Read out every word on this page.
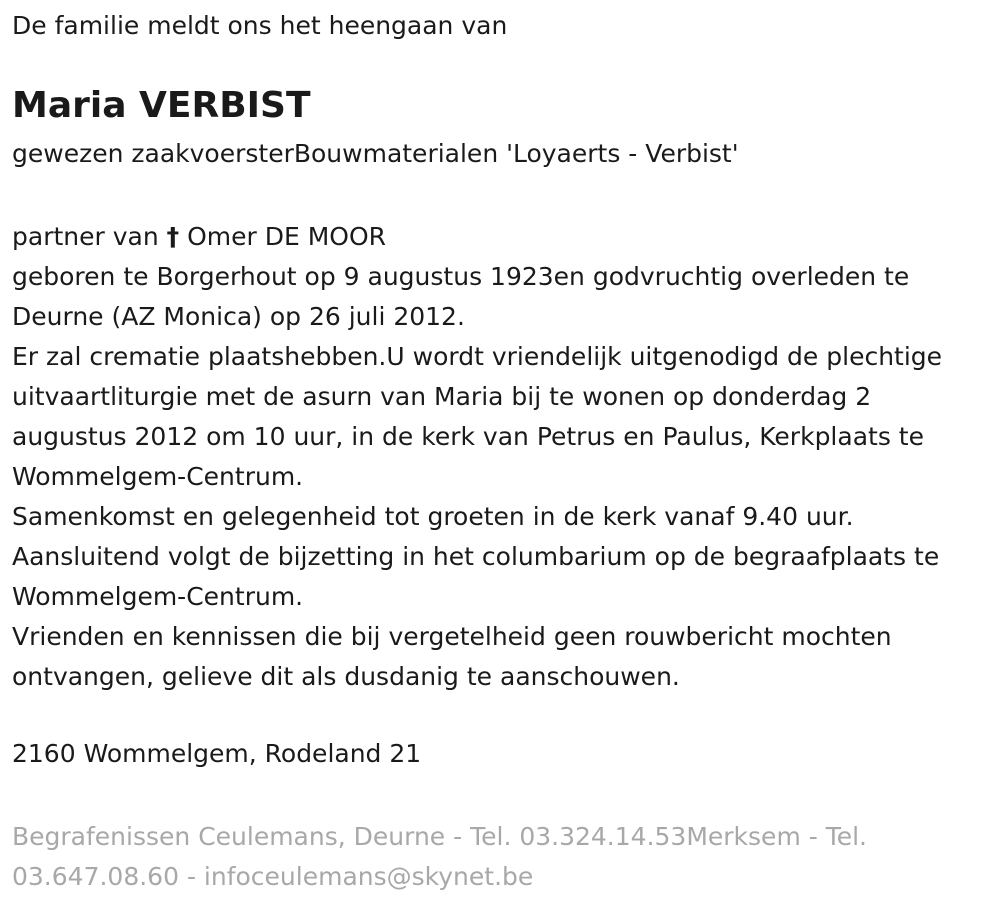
De familie meldt ons het heengaan van
Maria VERBIST
gewezen zaakvoersterBouwmaterialen 'Loyaerts - Verbist'

partner van † Omer DE MOOR

geboren te Borgerhout op 9 augustus 1923en godvruchtig overleden te Deurne (AZ Monica) op 26 juli 2012.

Er zal crematie plaatshebben.U wordt vriendelijk uitgenodigd de plechtige uitvaartliturgie met de asurn van Maria bij te wonen op donderdag 2 augustus 2012 om 10 uur, in de kerk van Petrus en Paulus, Kerkplaats te Wommelgem-Centrum.

Samenkomst en gelegenheid tot groeten in de kerk vanaf 9.40 uur.

Aansluitend volgt de bijzetting in het columbarium op de begraafplaats te Wommelgem-Centrum.

Vrienden en kennissen die bij vergetelheid geen rouwbericht mochten ontvangen, gelieve dit als dusdanig te aanschouwen.

2160 Wommelgem, Rodeland 21
Begrafenissen Ceulemans, Deurne - Tel. 03.324.14.53Merksem - Tel. 03.647.08.60 - infoceulemans@skynet.be
